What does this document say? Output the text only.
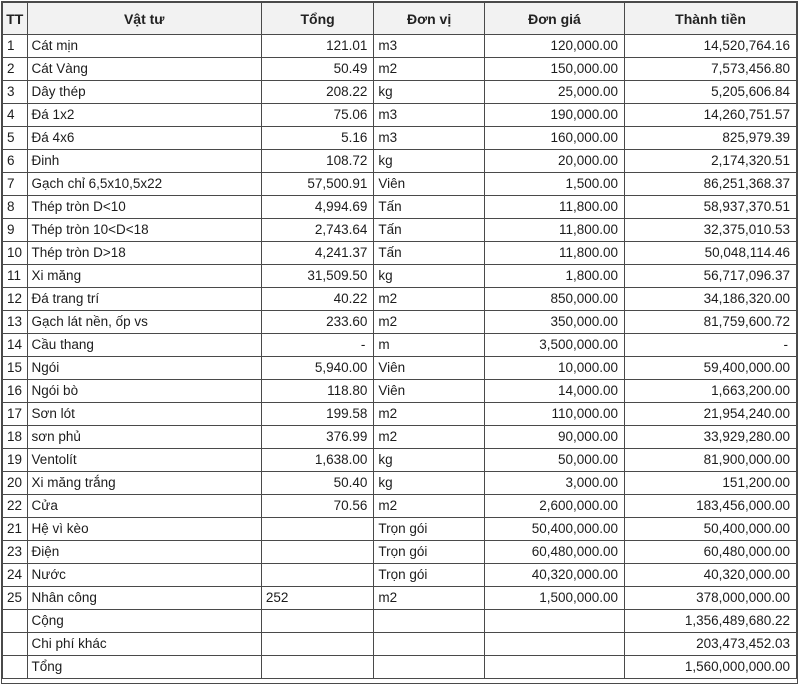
TT	Vật tư	Tổng	Đơn vị	Đơn giá	Thành tiền
1	Cát mịn	121.01	m3	120,000.00	14,520,764.16
2	Cát Vàng	50.49	m2	150,000.00	7,573,456.80
3	Dây thép	208.22	kg	25,000.00	5,205,606.84
4	Đá 1x2	75.06	m3	190,000.00	14,260,751.57
5	Đá 4x6	5.16	m3	160,000.00	825,979.39
6	Đinh	108.72	kg	20,000.00	2,174,320.51
7	Gạch chỉ 6,5x10,5x22	57,500.91	Viên	1,500.00	86,251,368.37
8	Thép tròn D<10	4,994.69	Tấn	11,800.00	58,937,370.51
9	Thép tròn 10<D<18	2,743.64	Tấn	11,800.00	32,375,010.53
10	Thép tròn D>18	4,241.37	Tấn	11,800.00	50,048,114.46
11	Xi măng	31,509.50	kg	1,800.00	56,717,096.37
12	Đá trang trí	40.22	m2	850,000.00	34,186,320.00
13	Gạch lát nền, ốp vs	233.60	m2	350,000.00	81,759,600.72
14	Cầu thang	-	m	3,500,000.00	-
15	Ngói	5,940.00	Viên	10,000.00	59,400,000.00
16	Ngói bò	118.80	Viên	14,000.00	1,663,200.00
17	Sơn lót	199.58	m2	110,000.00	21,954,240.00
18	sơn phủ	376.99	m2	90,000.00	33,929,280.00
19	Ventolít	1,638.00	kg	50,000.00	81,900,000.00
20	Xi măng trắng	50.40	kg	3,000.00	151,200.00
22	Cửa	70.56	m2	2,600,000.00	183,456,000.00
21	Hệ vì kèo		Trọn gói	50,400,000.00	50,400,000.00
23	Điện		Trọn gói	60,480,000.00	60,480,000.00
24	Nước		Trọn gói	40,320,000.00	40,320,000.00
25	Nhân công	252	m2	1,500,000.00	378,000,000.00
	Cộng				1,356,489,680.22
	Chi phí khác				203,473,452.03
	Tổng				1,560,000,000.00
